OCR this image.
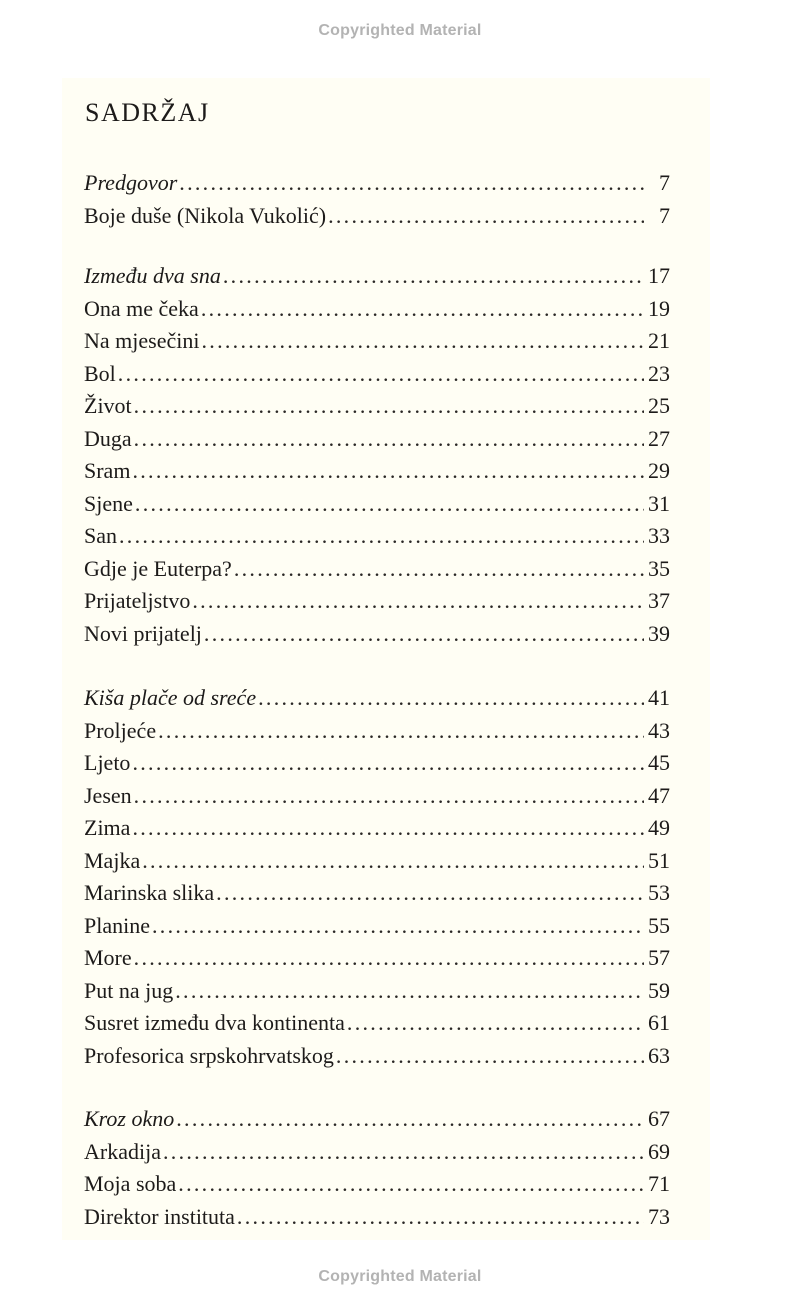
Copyrighted Material
SADRŽAJ
Predgovor . . .	7
Boje duše (Nikola Vukolić) . . .	7
Između dva sna . . .	17
Ona me čeka . . .	19
Na mjesečini . . .	21
Bol . . .	23
Život . . .	25
Duga . . .	27
Sram . . .	29
Sjene . . .	31
San . . .	33
Gdje je Euterpa? . . .	35
Prijateljstvo . . .	37
Novi prijatelj . . .	39
Kiša plače od sreće . . .	41
Proljeće . . .	43
Ljeto . . .	45
Jesen . . .	47
Zima . . .	49
Majka . . .	51
Marinska slika . . .	53
Planine . . .	55
More . . .	57
Put na jug . . .	59
Susret između dva kontinenta . . .	61
Profesorica srpskohrvatskog . . .	63
Kroz okno . . .	67
Arkadija . . .	69
Moja soba . . .	71
Direktor instituta . . .	73
Copyrighted Material
